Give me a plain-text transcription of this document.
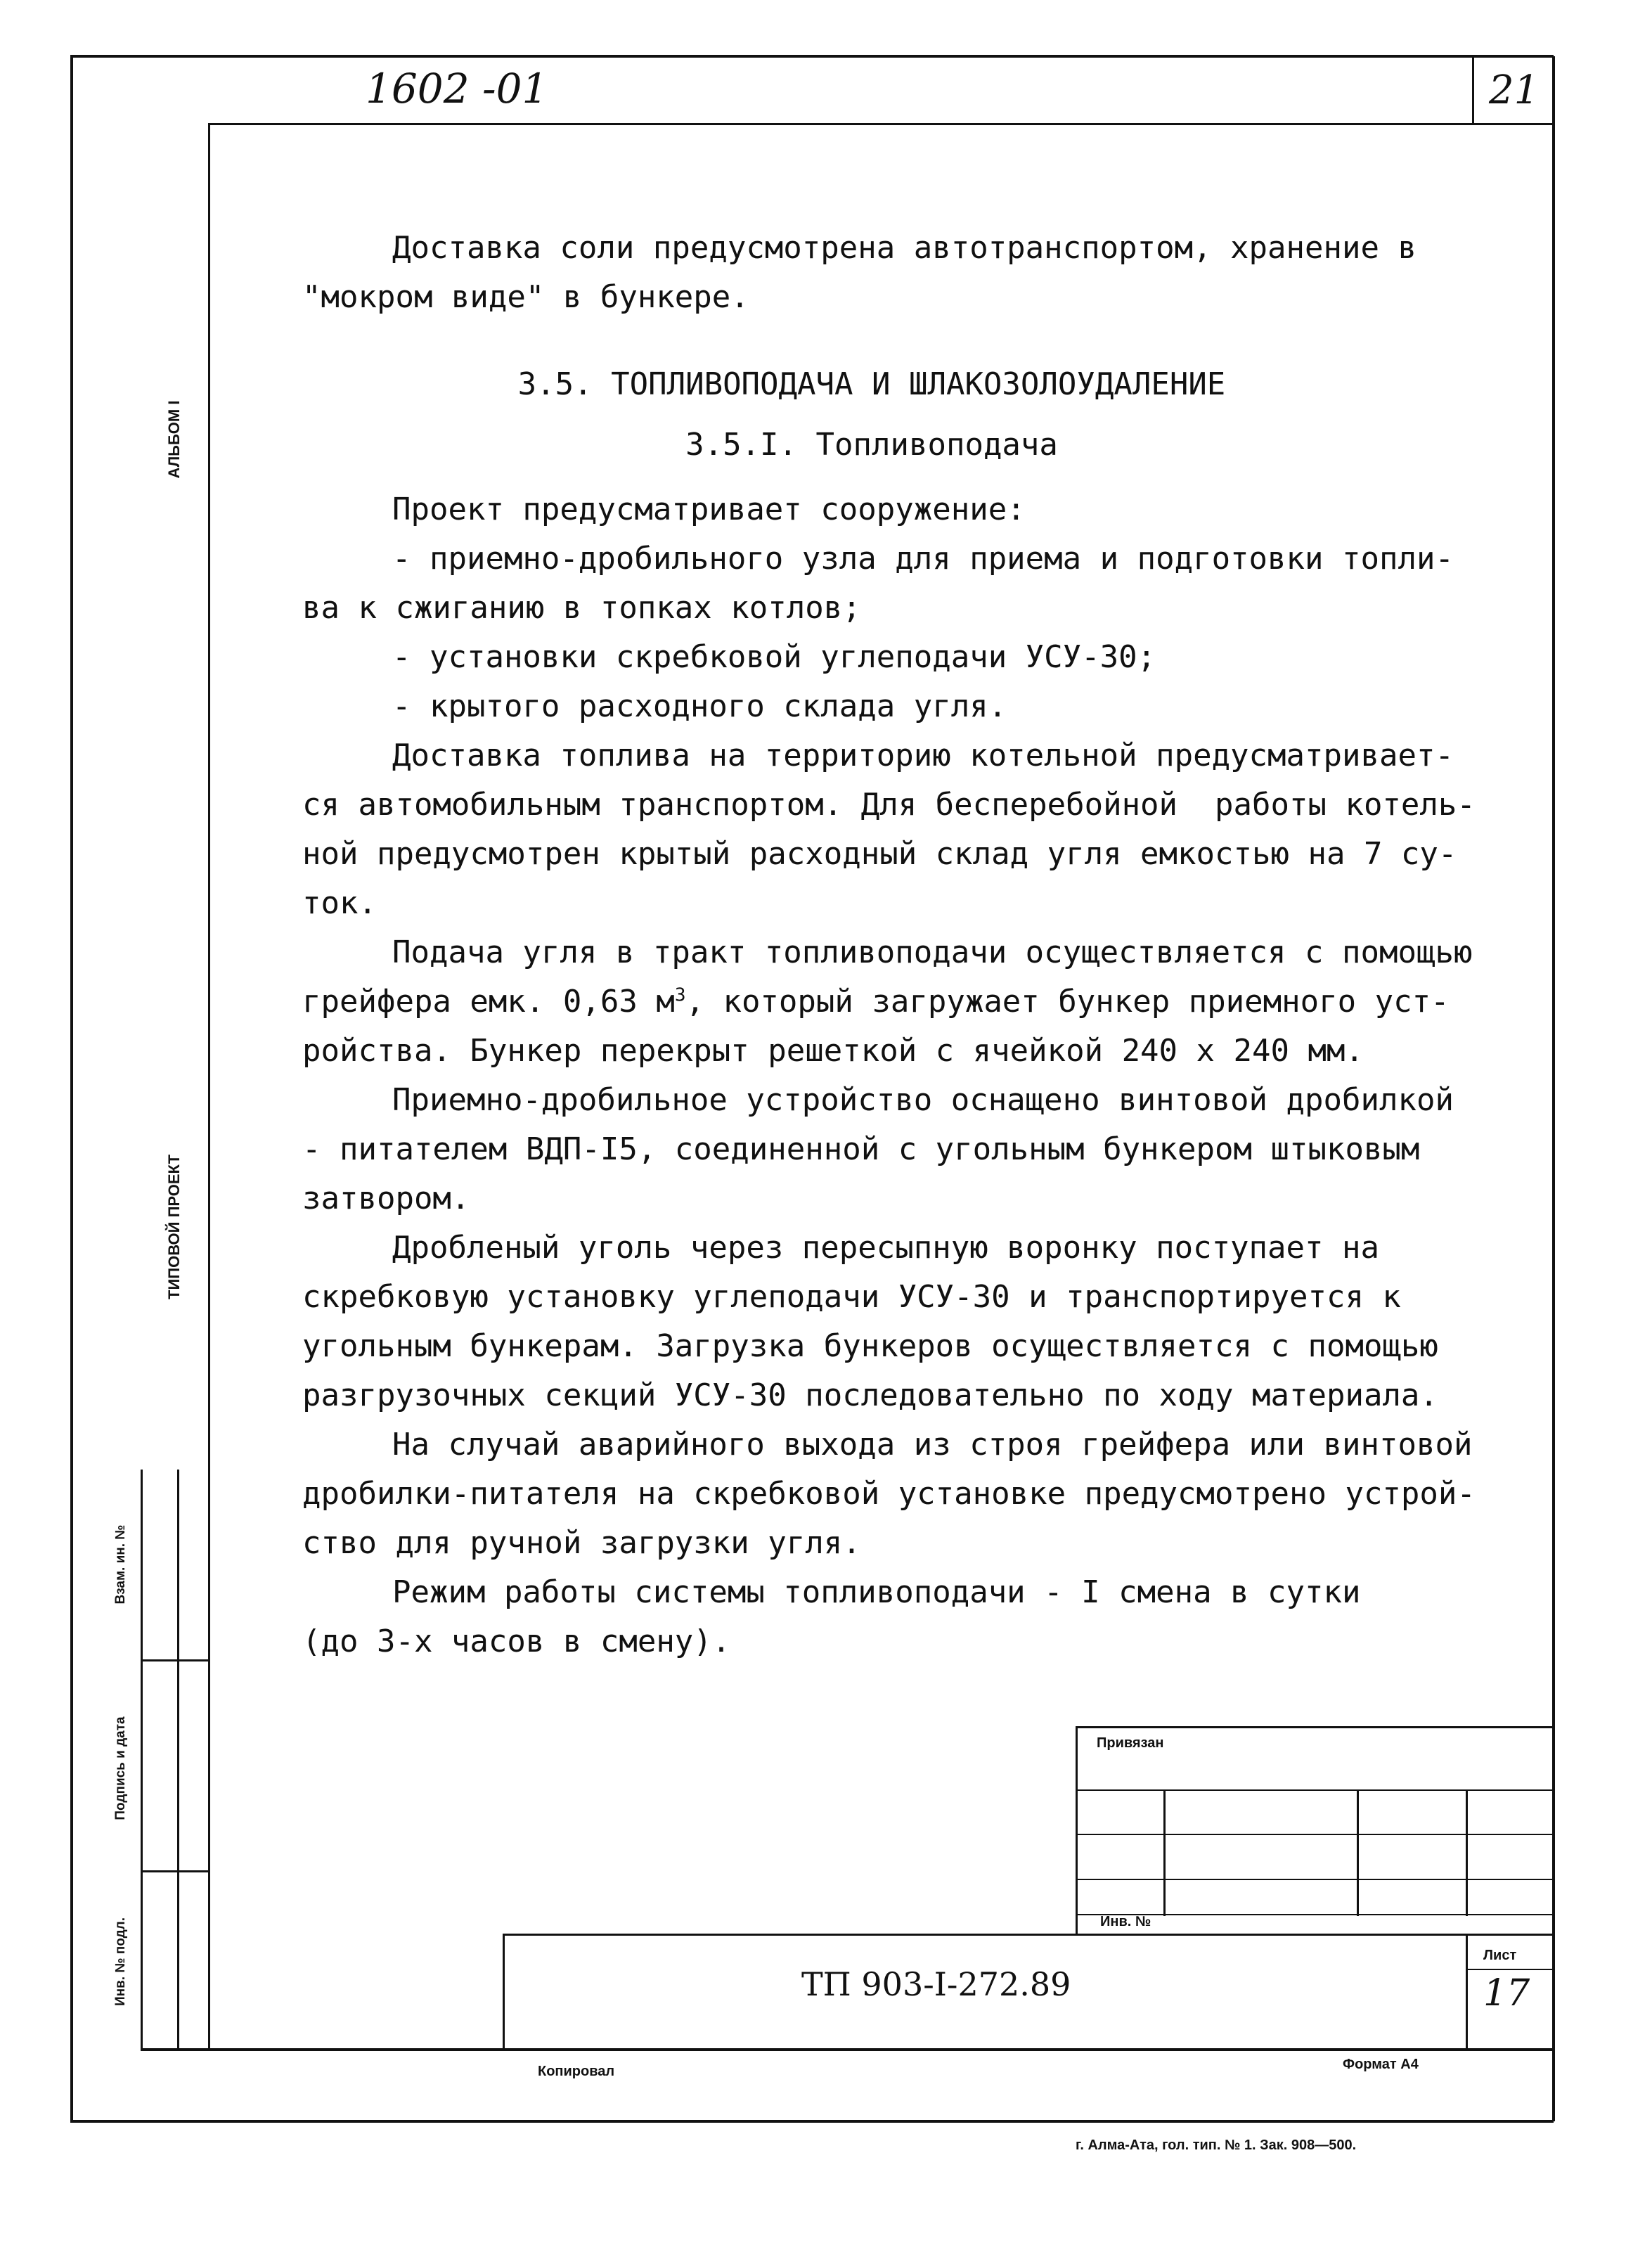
1602 -01	21
АЛЬБОМ I
ТИПОВОЙ ПРОЕКТ
Взам. ин. №
Подпись и дата
Инв. № подл.

Доставка соли предусмотрена автотранспортом, хранение в

"мокром виде" в бункере.

3.5. ТОПЛИВОПОДАЧА И ШЛАКОЗОЛОУДАЛЕНИЕ

3.5.I. Топливоподача

Проект предусматривает сооружение:

- приемно-дробильного узла для приема и подготовки топли-

ва к сжиганию в топках котлов;

- установки скребковой углеподачи УСУ-30;

- крытого расходного склада угля.

Доставка топлива на территорию котельной предусматривает-

ся автомобильным транспортом. Для бесперебойной  работы котель-

ной предусмотрен крытый расходный склад угля емкостью на 7 су-

ток.

Подача угля в тракт топливоподачи осуществляется с помощью

грейфера емк. 0,63 $м^3$, который загружает бункер приемного уст-

ройства. Бункер перекрыт решеткой с ячейкой 240 х 240 мм.

Приемно-дробильное устройство оснащено винтовой дробилкой

- питателем ВДП-I5, соединенной с угольным бункером штыковым

затвором.

Дробленый уголь через пересыпную воронку поступает на

скребковую установку углеподачи УСУ-30 и транспортируется к

угольным бункерам. Загрузка бункеров осуществляется с помощью

разгрузочных секций УСУ-30 последовательно по ходу материала.

На случай аварийного выхода из строя грейфера или винтовой

дробилки-питателя на скребковой установке предусмотрено устрой-

ство для ручной загрузки угля.

Режим работы системы топливоподачи - I смена в сутки

(до 3-х часов в смену).

Привязан
Инв. №
ТП 903-I-272.89
Лист
17
Копировал	Формат А4
г. Алма-Ата, гол. тип. № 1. Зак. 908—500.
